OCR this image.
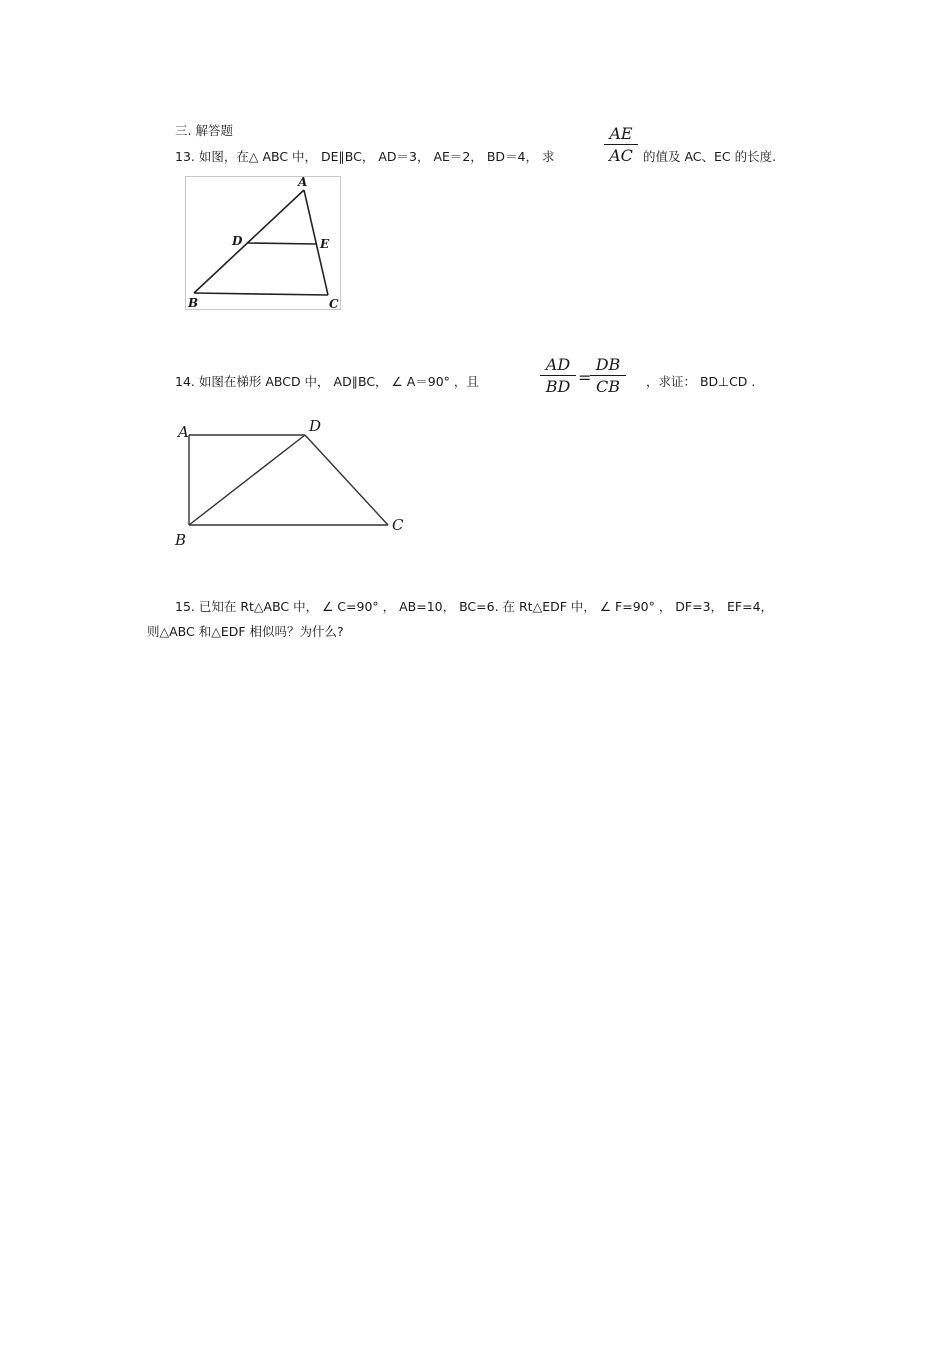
三. 解答题
13. 如图，在△ ABC 中， DE∥BC， AD＝3， AE＝2， BD＝4， 求
AE
AC 的值及 AC、EC 的长度.
A
D	E
B	C
14. 如图在梯形 ABCD 中， AD∥BC， ∠ A＝90° ，且
AD
BD =
DB
CB	，求证： BD⊥CD .
A	D
C
B
15. 已知在 Rt△ABC 中， ∠ C=90° ， AB=10， BC=6. 在 Rt△EDF 中， ∠ F=90° ， DF=3， EF=4，
则△ABC 和△EDF 相似吗？为什么?
